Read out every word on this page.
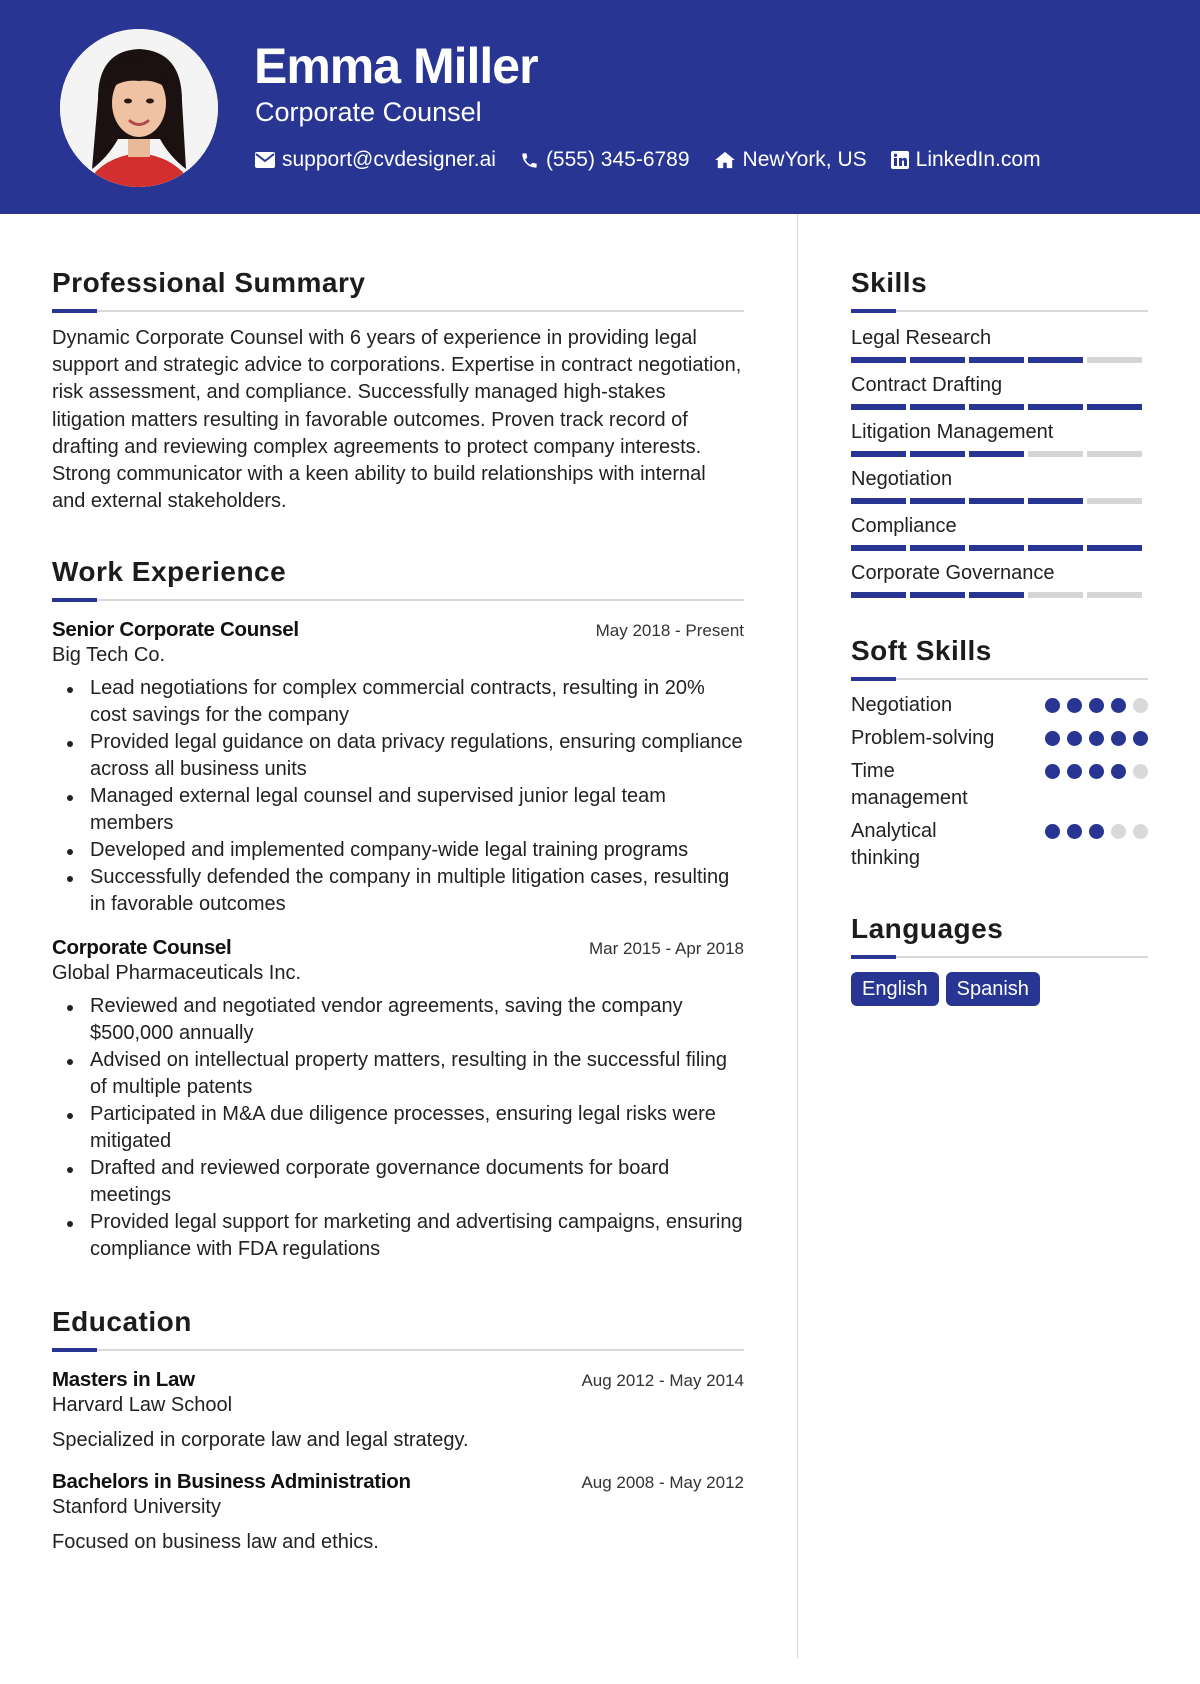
Emma Miller
Corporate Counsel
support@cvdesigner.ai (555) 345-6789	NewYork, US LinkedIn.com
Professional Summary

Dynamic Corporate Counsel with 6 years of experience in providing legal support and strategic advice to corporations. Expertise in contract negotiation, risk assessment, and compliance. Successfully managed high-stakes litigation matters resulting in favorable outcomes. Proven track record of drafting and reviewing complex agreements to protect company interests. Strong communicator with a keen ability to build relationships with internal and external stakeholders.

Work Experience
Senior Corporate Counsel	May 2018 - Present
Big Tech Co.
Lead negotiations for complex commercial contracts, resulting in 20% cost savings for the company
Provided legal guidance on data privacy regulations, ensuring compliance across all business units
Managed external legal counsel and supervised junior legal team members
Developed and implemented company-wide legal training programs
Successfully defended the company in multiple litigation cases, resulting in favorable outcomes
Corporate Counsel	Mar 2015 - Apr 2018
Global Pharmaceuticals Inc.
Reviewed and negotiated vendor agreements, saving the company $500,000 annually
Advised on intellectual property matters, resulting in the successful filing of multiple patents
Participated in M&A due diligence processes, ensuring legal risks were mitigated
Drafted and reviewed corporate governance documents for board meetings
Provided legal support for marketing and advertising campaigns, ensuring compliance with FDA regulations
Education
Masters in Law	Aug 2012 - May 2014
Harvard Law School
Specialized in corporate law and legal strategy.
Bachelors in Business Administration	Aug 2008 - May 2012
Stanford University
Focused on business law and ethics.
Skills
Legal Research
Contract Drafting
Litigation Management
Negotiation
Compliance
Corporate Governance
Soft Skills
Negotiation
Problem-solving
Time management
Analytical thinking
Languages
English	Spanish
